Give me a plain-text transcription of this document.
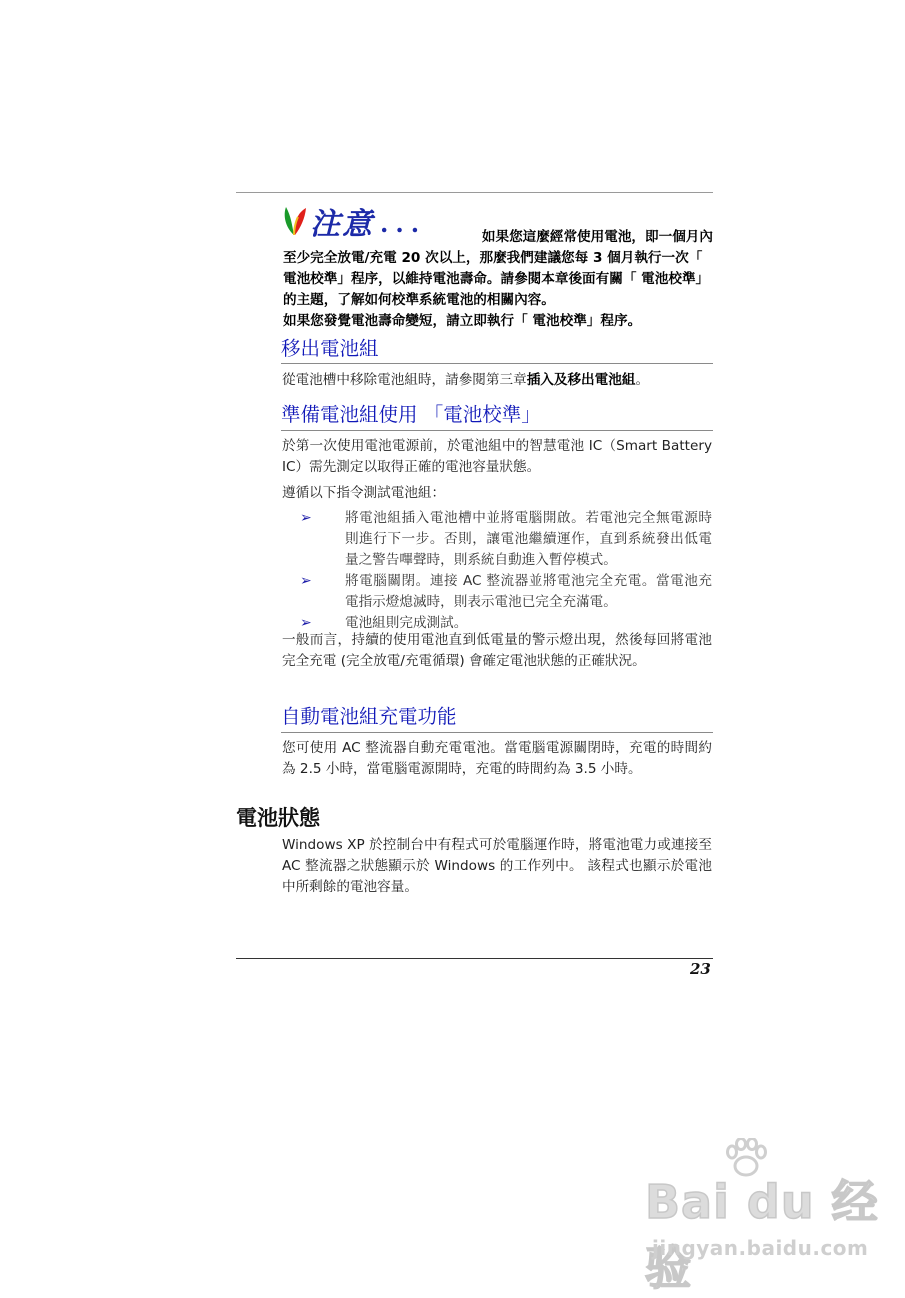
注意 ...	如果您這麼經常使用電池，即一個月內
至少完全放電/充電 20 次以上，那麼我們建議您每 3 個月執行一次「 電池校準」程序，以維持電池壽命。請參閱本章後面有關「 電池校準」的主題，了解如何校準系統電池的相關內容。
如果您發覺電池壽命變短，請立即執行「 電池校準」程序。
移出電池組
從電池槽中移除電池組時，請參閱第三章插入及移出電池組。
準備電池組使用 「電池校準」
於第一次使用電池電源前，於電池組中的智慧電池 IC（Smart Battery IC）需先測定以取得正確的電池容量狀態。
遵循以下指令測試電池組：
➢ 將電池組插入電池槽中並將電腦開啟。若電池完全無電源時則進行下一步。否則，讓電池繼續運作，直到系統發出低電量之警告嗶聲時，則系統自動進入暫停模式。
➢ 將電腦關閉。連接 AC 整流器並將電池完全充電。當電池充電指示燈熄滅時，則表示電池已完全充滿電。
➢ 電池組則完成測試。
一般而言，持續的使用電池直到低電量的警示燈出現，然後每回將電池完全充電 (完全放電/充電循環) 會確定電池狀態的正確狀況。
自動電池組充電功能
您可使用 AC 整流器自動充電電池。當電腦電源關閉時，充電的時間約為 2.5 小時，當電腦電源開時，充電的時間約為 3.5 小時。
電池狀態
Windows XP 於控制台中有程式可於電腦運作時，將電池電力或連接至 AC 整流器之狀態顯示於 Windows 的工作列中。 該程式也顯示於電池中所剩餘的電池容量。
23
Bai du 经验
jingyan.baidu.com
